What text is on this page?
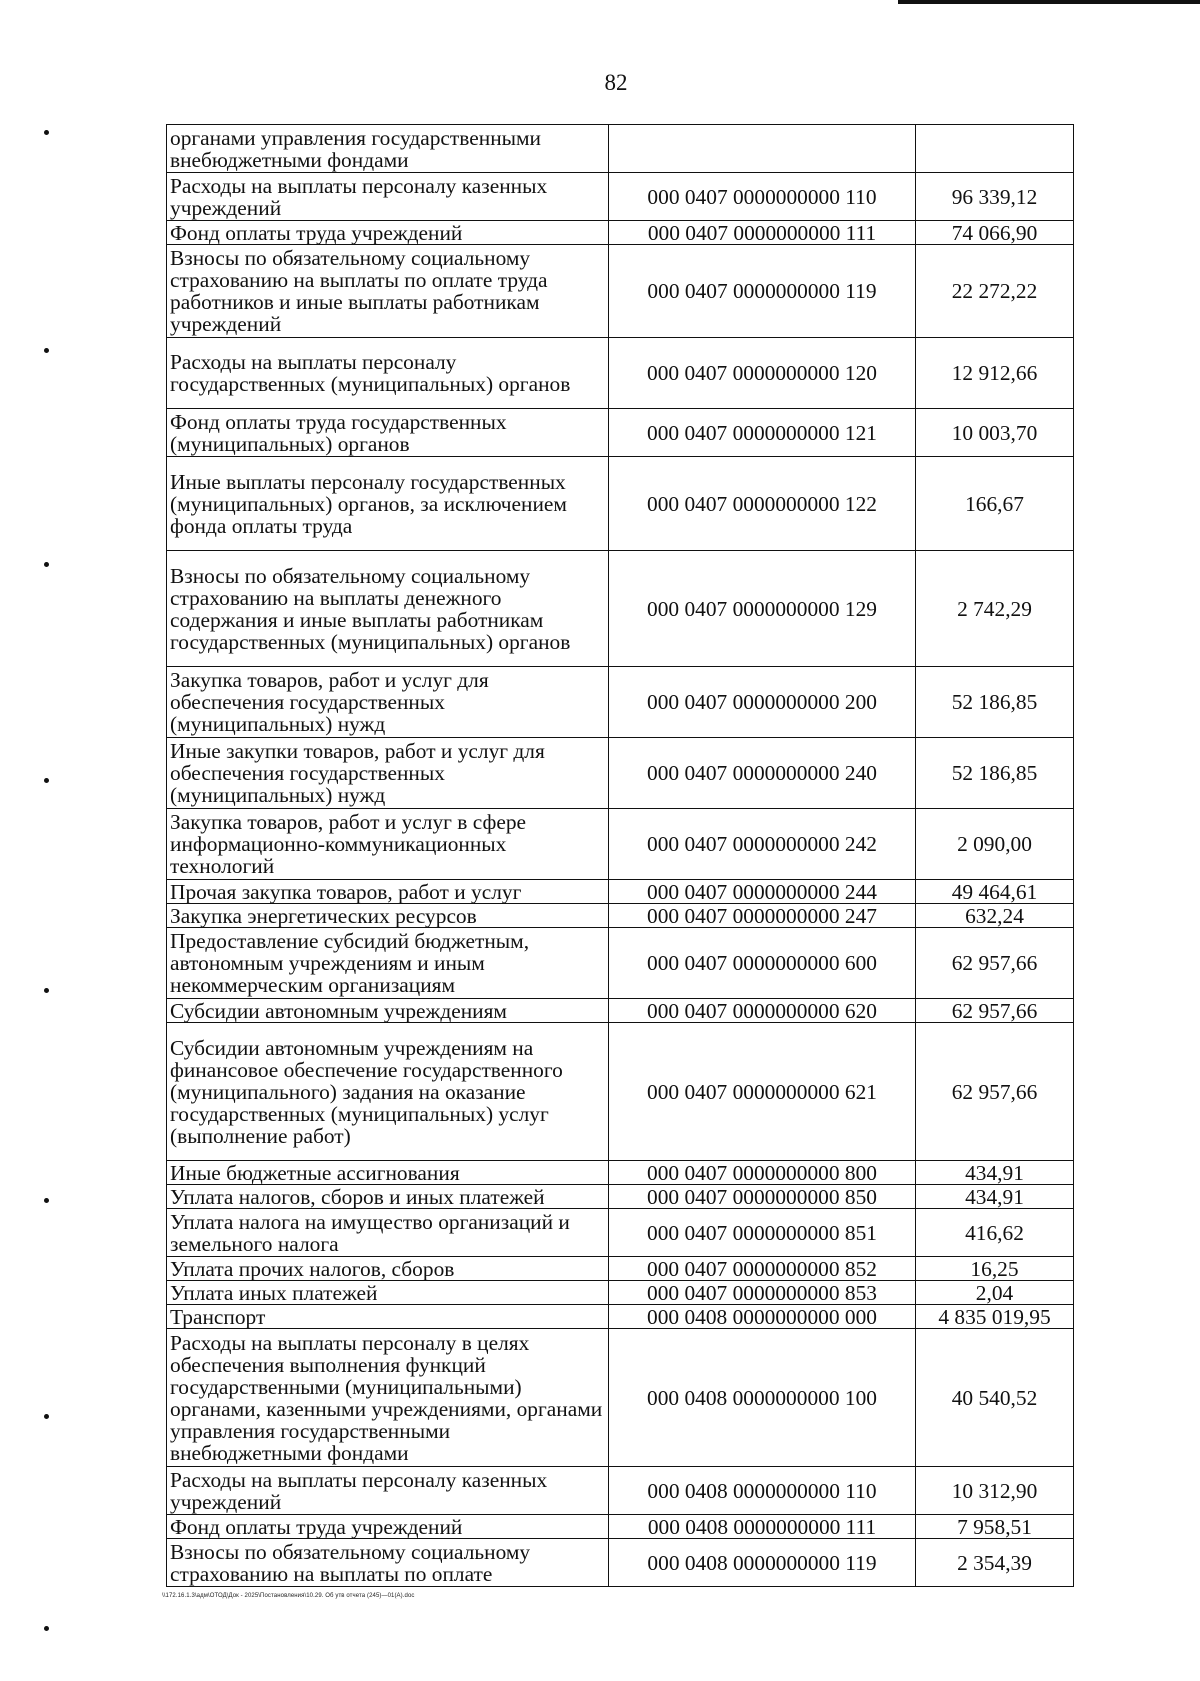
82
органами управления государственными внебюджетными фондами		
Расходы на выплаты персоналу казенных учреждений	000 0407 0000000000 110	96 339,12
Фонд оплаты труда учреждений	000 0407 0000000000 111	74 066,90
Взносы по обязательному социальному страхованию на выплаты по оплате труда работников и иные выплаты работникам учреждений	000 0407 0000000000 119	22 272,22
Расходы на выплаты персоналу государственных (муниципальных) органов	000 0407 0000000000 120	12 912,66
Фонд оплаты труда государственных (муниципальных) органов	000 0407 0000000000 121	10 003,70
Иные выплаты персоналу государственных (муниципальных) органов, за исключением фонда оплаты труда	000 0407 0000000000 122	166,67
Взносы по обязательному социальному страхованию на выплаты денежного содержания и иные выплаты работникам государственных (муниципальных) органов	000 0407 0000000000 129	2 742,29
Закупка товаров, работ и услуг для обеспечения государственных (муниципальных) нужд	000 0407 0000000000 200	52 186,85
Иные закупки товаров, работ и услуг для обеспечения государственных (муниципальных) нужд	000 0407 0000000000 240	52 186,85
Закупка товаров, работ и услуг в сфере информационно-коммуникационных технологий	000 0407 0000000000 242	2 090,00
Прочая закупка товаров, работ и услуг	000 0407 0000000000 244	49 464,61
Закупка энергетических ресурсов	000 0407 0000000000 247	632,24
Предоставление субсидий бюджетным, автономным учреждениям и иным некоммерческим организациям	000 0407 0000000000 600	62 957,66
Субсидии автономным учреждениям	000 0407 0000000000 620	62 957,66
Субсидии автономным учреждениям на финансовое обеспечение государственного (муниципального) задания на оказание государственных (муниципальных) услуг (выполнение работ)	000 0407 0000000000 621	62 957,66
Иные бюджетные ассигнования	000 0407 0000000000 800	434,91
Уплата налогов, сборов и иных платежей	000 0407 0000000000 850	434,91
Уплата налога на имущество организаций и земельного налога	000 0407 0000000000 851	416,62
Уплата прочих налогов, сборов	000 0407 0000000000 852	16,25
Уплата иных платежей	000 0407 0000000000 853	2,04
Транспорт	000 0408 0000000000 000	4 835 019,95
Расходы на выплаты персоналу в целях обеспечения выполнения функций государственными (муниципальными) органами, казенными учреждениями, органами управления государственными внебюджетными фондами	000 0408 0000000000 100	40 540,52
Расходы на выплаты персоналу казенных учреждений	000 0408 0000000000 110	10 312,90
Фонд оплаты труда учреждений	000 0408 0000000000 111	7 958,51
Взносы по обязательному социальному страхованию на выплаты по оплате	000 0408 0000000000 119	2 354,39
\\172.16.1.3\адм\ОТОД\Док - 2025\Постановления\10.29. Об утв отчета (245)—01(А).doc
